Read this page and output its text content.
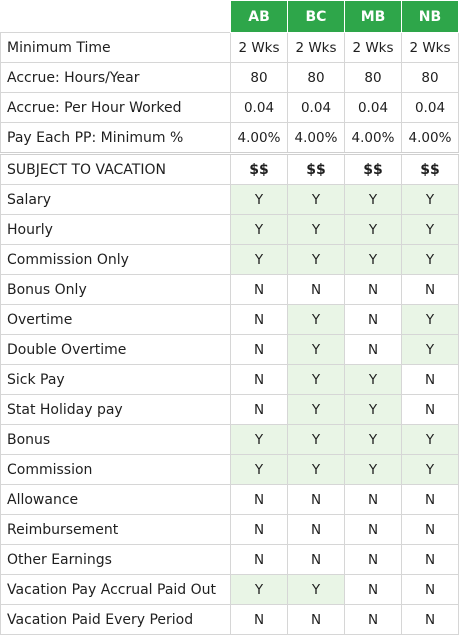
	AB	BC	MB	NB
Minimum Time	2 Wks	2 Wks	2 Wks	2 Wks
Accrue: Hours/Year	80	80	80	80
Accrue: Per Hour Worked	0.04	0.04	0.04	0.04
Pay Each PP: Minimum %	4.00%	4.00%	4.00%	4.00%
SUBJECT TO VACATION	$$	$$	$$	$$
Salary	Y	Y	Y	Y
Hourly	Y	Y	Y	Y
Commission Only	Y	Y	Y	Y
Bonus Only	N	N	N	N
Overtime	N	Y	N	Y
Double Overtime	N	Y	N	Y
Sick Pay	N	Y	Y	N
Stat Holiday pay	N	Y	Y	N
Bonus	Y	Y	Y	Y
Commission	Y	Y	Y	Y
Allowance	N	N	N	N
Reimbursement	N	N	N	N
Other Earnings	N	N	N	N
Vacation Pay Accrual Paid Out	Y	Y	N	N
Vacation Paid Every Period	N	N	N	N
